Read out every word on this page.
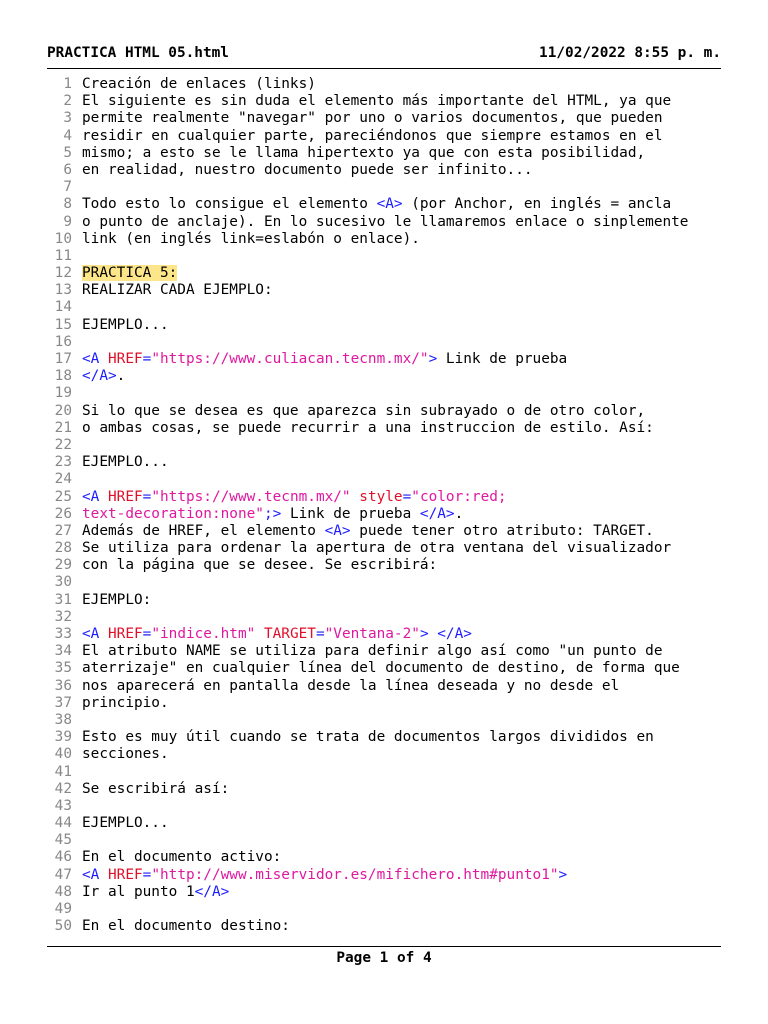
PRACTICA HTML 05.html	11/02/2022 8:55 p. m.
1 Creación de enlaces (links)
2 El siguiente es sin duda el elemento más importante del HTML, ya que
3 permite realmente "navegar" por uno o varios documentos, que pueden
4 residir en cualquier parte, pareciéndonos que siempre estamos en el
5 mismo; a esto se le llama hipertexto ya que con esta posibilidad,
6 en realidad, nuestro documento puede ser infinito...
7
8 Todo esto lo consigue el elemento <A> (por Anchor, en inglés = ancla
9 o punto de anclaje). En lo sucesivo le llamaremos enlace o sinplemente
10 link (en inglés link=eslabón o enlace).
11
12 PRACTICA 5:
13 REALIZAR CADA EJEMPLO:
14
15 EJEMPLO...
16
17 <A HREF="https://www.culiacan.tecnm.mx/"> Link de prueba
18 </A>.
19
20 Si lo que se desea es que aparezca sin subrayado o de otro color,
21 o ambas cosas, se puede recurrir a una instruccion de estilo. Así:
22
23 EJEMPLO...
24
25 <A HREF="https://www.tecnm.mx/" style="color:red;
26 text-decoration:none";> Link de prueba </A>.
27 Además de HREF, el elemento <A> puede tener otro atributo: TARGET.
28 Se utiliza para ordenar la apertura de otra ventana del visualizador
29 con la página que se desee. Se escribirá:
30
31 EJEMPLO:
32
33 <A HREF="indice.htm" TARGET="Ventana-2"> </A>
34 El atributo NAME se utiliza para definir algo así como "un punto de
35 aterrizaje" en cualquier línea del documento de destino, de forma que
36 nos aparecerá en pantalla desde la línea deseada y no desde el
37 principio.
38
39 Esto es muy útil cuando se trata de documentos largos divididos en
40 secciones.
41
42 Se escribirá así:
43
44 EJEMPLO...
45
46 En el documento activo:
47 <A HREF="http://www.miservidor.es/mifichero.htm#punto1">
48 Ir al punto 1</A>
49
50 En el documento destino:
Page 1 of 4
